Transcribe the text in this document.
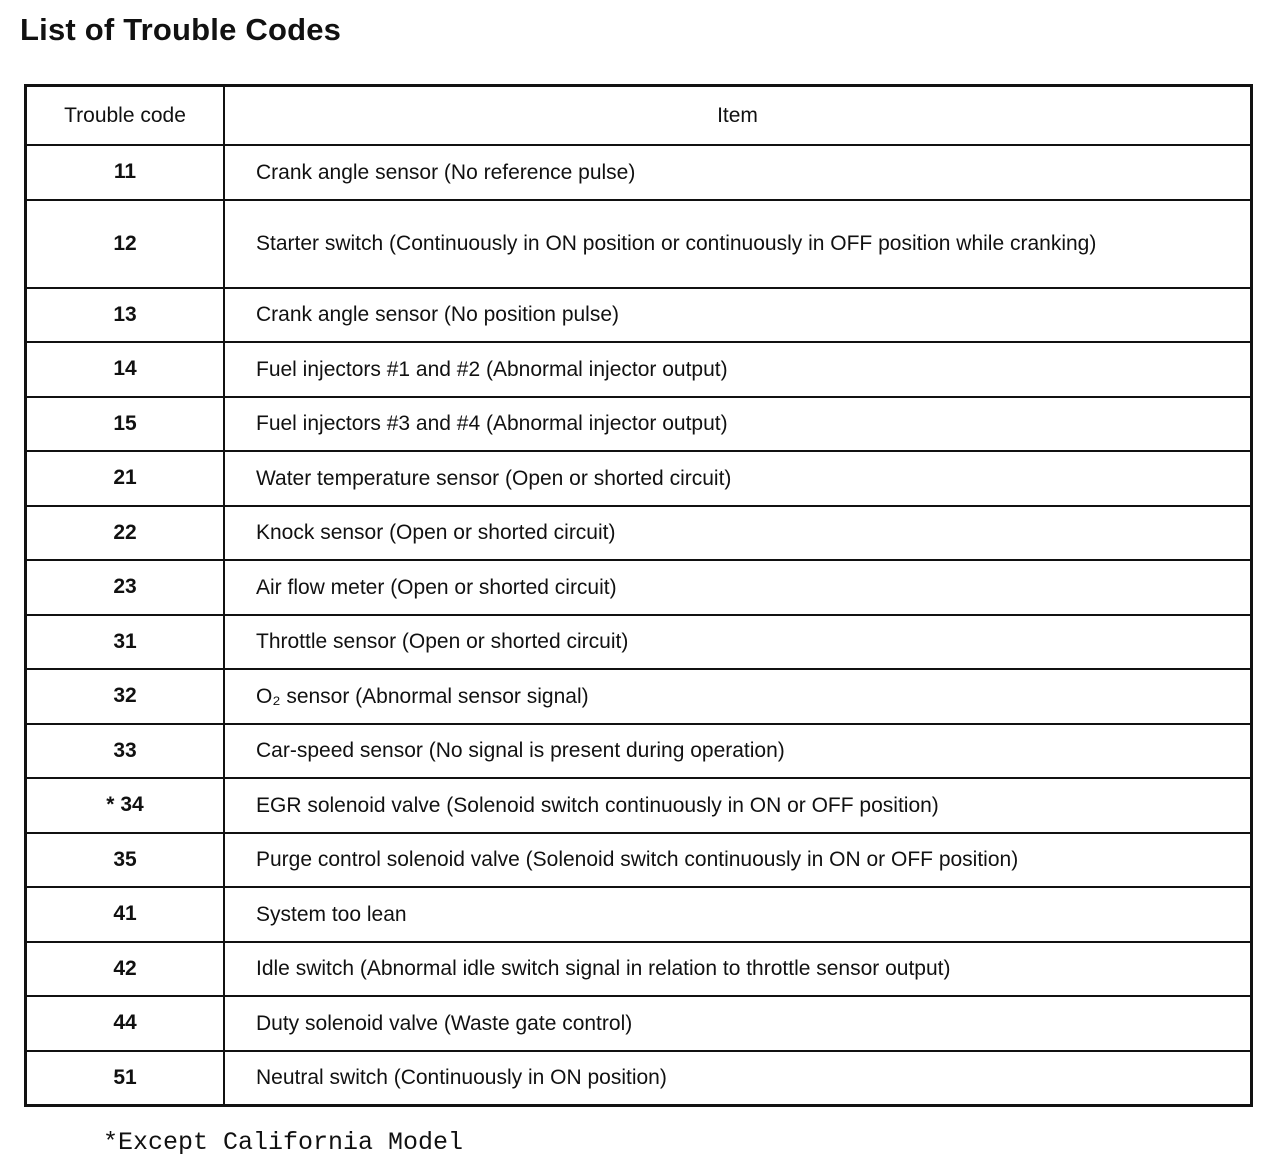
List of Trouble Codes
Trouble code	Item
11	Crank angle sensor (No reference pulse)
12	Starter switch (Continuously in ON position or continuously in OFF position while cranking)
13	Crank angle sensor (No position pulse)
14	Fuel injectors #1 and #2 (Abnormal injector output)
15	Fuel injectors #3 and #4 (Abnormal injector output)
21	Water temperature sensor (Open or shorted circuit)
22	Knock sensor (Open or shorted circuit)
23	Air flow meter (Open or shorted circuit)
31	Throttle sensor (Open or shorted circuit)
32	O₂ sensor (Abnormal sensor signal)
33	Car-speed sensor (No signal is present during operation)
* 34	EGR solenoid valve (Solenoid switch continuously in ON or OFF position)
35	Purge control solenoid valve (Solenoid switch continuously in ON or OFF position)
41	System too lean
42	Idle switch (Abnormal idle switch signal in relation to throttle sensor output)
44	Duty solenoid valve (Waste gate control)
51	Neutral switch (Continuously in ON position)
*Except California Model
